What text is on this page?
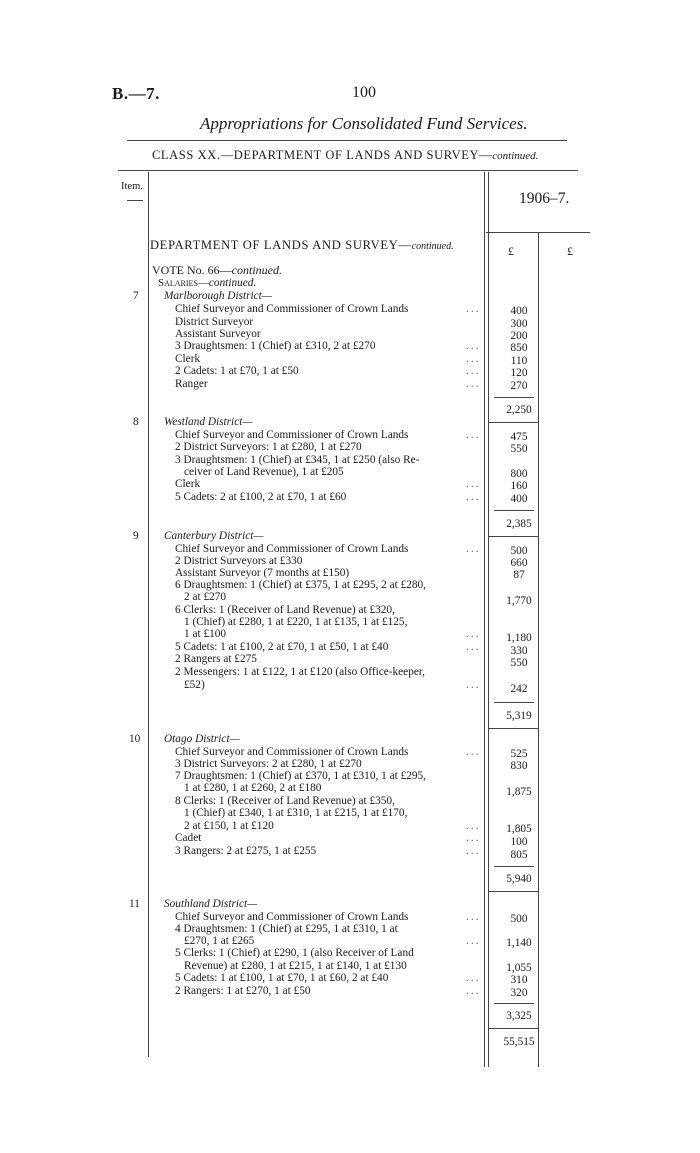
B.—7.	100
Appropriations for Consolidated Fund Services.
CLASS XX.—DEPARTMENT OF LANDS AND SURVEY—continued.
Item.
1906–7.
£	£
DEPARTMENT OF LANDS AND SURVEY—continued.
VOTE No. 66—continued.
Salaries—continued.
7 Marlborough District—
Chief Surveyor and Commissioner of Crown Lands	...	400
District Surveyor	300
Assistant Surveyor	200
3 Draughtsmen: 1 (Chief) at £310, 2 at £270	...	850
Clerk	...	110
2 Cadets: 1 at £70, 1 at £50	...	120
Ranger	...	270
2,250
8 Westland District—
Chief Surveyor and Commissioner of Crown Lands	...	475
2 District Surveyors: 1 at £280, 1 at £270	550
3 Draughtsmen: 1 (Chief) at £345, 1 at £250 (also Re-
ceiver of Land Revenue), 1 at £205	800
Clerk	...	160
5 Cadets: 2 at £100, 2 at £70, 1 at £60	...	400
2,385
9 Canterbury District—
Chief Surveyor and Commissioner of Crown Lands	...	500
2 District Surveyors at £330	660
Assistant Surveyor (7 months at £150)	87
6 Draughtsmen: 1 (Chief) at £375, 1 at £295, 2 at £280,
2 at £270	1,770
6 Clerks: 1 (Receiver of Land Revenue) at £320,
1 (Chief) at £280, 1 at £220, 1 at £135, 1 at £125,
1 at £100	...	1,180
5 Cadets: 1 at £100, 2 at £70, 1 at £50, 1 at £40	...	330
2 Rangers at £275	550
2 Messengers: 1 at £122, 1 at £120 (also Office-keeper,
£52)	...	242
5,319
10 Otago District—
Chief Surveyor and Commissioner of Crown Lands	...	525
3 District Surveyors: 2 at £280, 1 at £270	830
7 Draughtsmen: 1 (Chief) at £370, 1 at £310, 1 at £295,
1 at £280, 1 at £260, 2 at £180	1,875
8 Clerks: 1 (Receiver of Land Revenue) at £350,
1 (Chief) at £340, 1 at £310, 1 at £215, 1 at £170,
2 at £150, 1 at £120	...	1,805
Cadet	...	100
3 Rangers: 2 at £275, 1 at £255	...	805
5,940
11 Southland District—
Chief Surveyor and Commissioner of Crown Lands	...	500
4 Draughtsmen: 1 (Chief) at £295, 1 at £310, 1 at
£270, 1 at £265	...	1,140
5 Clerks: 1 (Chief) at £290, 1 (also Receiver of Land
Revenue) at £280, 1 at £215, 1 at £140, 1 at £130	1,055
5 Cadets: 1 at £100, 1 at £70, 1 at £60, 2 at £40	...	310
2 Rangers: 1 at £270, 1 at £50	...	320
3,325
55,515
